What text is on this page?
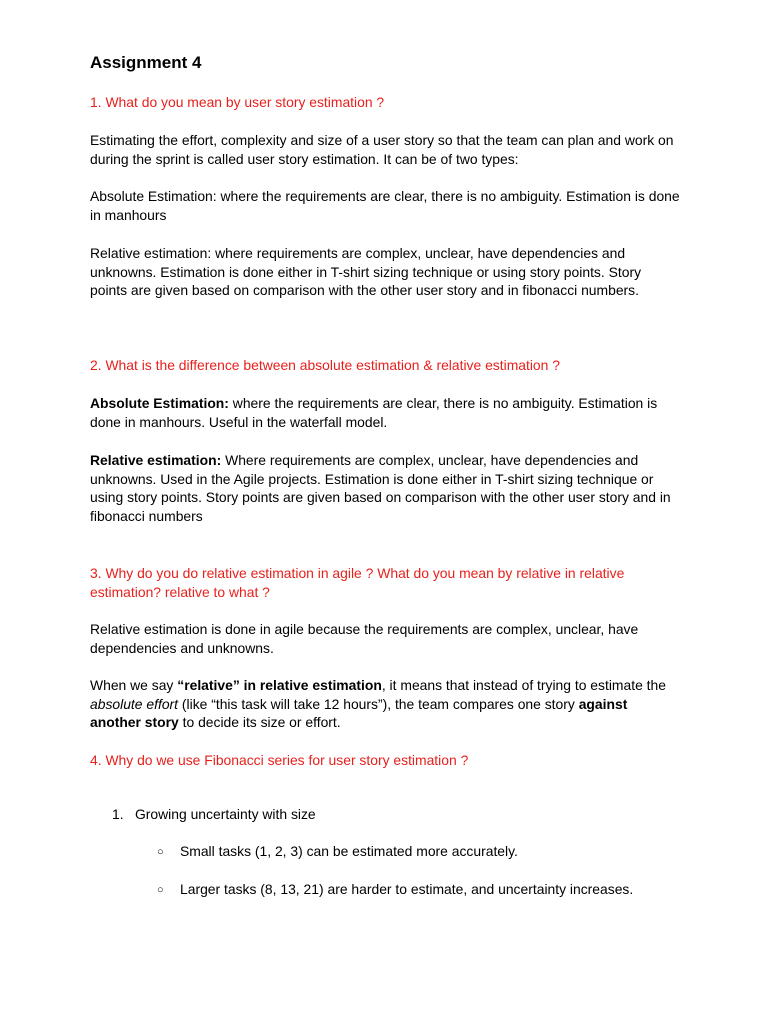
Assignment 4

1. What do you mean by user story estimation ?

Estimating the effort, complexity and size of a user story so that the team can plan and work on during the sprint is called user story estimation. It can be of two types:

Absolute Estimation: where the requirements are clear, there is no ambiguity. Estimation is done in manhours

Relative estimation: where requirements are complex, unclear, have dependencies and unknowns. Estimation is done either in T-shirt sizing technique or using story points. Story points are given based on comparison with the other user story and in fibonacci numbers.

2. What is the difference between absolute estimation & relative estimation ?

Absolute Estimation: where the requirements are clear, there is no ambiguity. Estimation is done in manhours. Useful in the waterfall model.

Relative estimation: Where requirements are complex, unclear, have dependencies and unknowns. Used in the Agile projects. Estimation is done either in T-shirt sizing technique or using story points. Story points are given based on comparison with the other user story and in fibonacci numbers

3. Why do you do relative estimation in agile ? What do you mean by relative in relative estimation? relative to what ?

Relative estimation is done in agile because the requirements are complex, unclear, have dependencies and unknowns.

When we say “relative” in relative estimation, it means that instead of trying to estimate the absolute effort (like “this task will take 12 hours”), the team compares one story against another story to decide its size or effort.

4. Why do we use Fibonacci series for user story estimation ?

1. Growing uncertainty with size
○ Small tasks (1, 2, 3) can be estimated more accurately.
○ Larger tasks (8, 13, 21) are harder to estimate, and uncertainty increases.
